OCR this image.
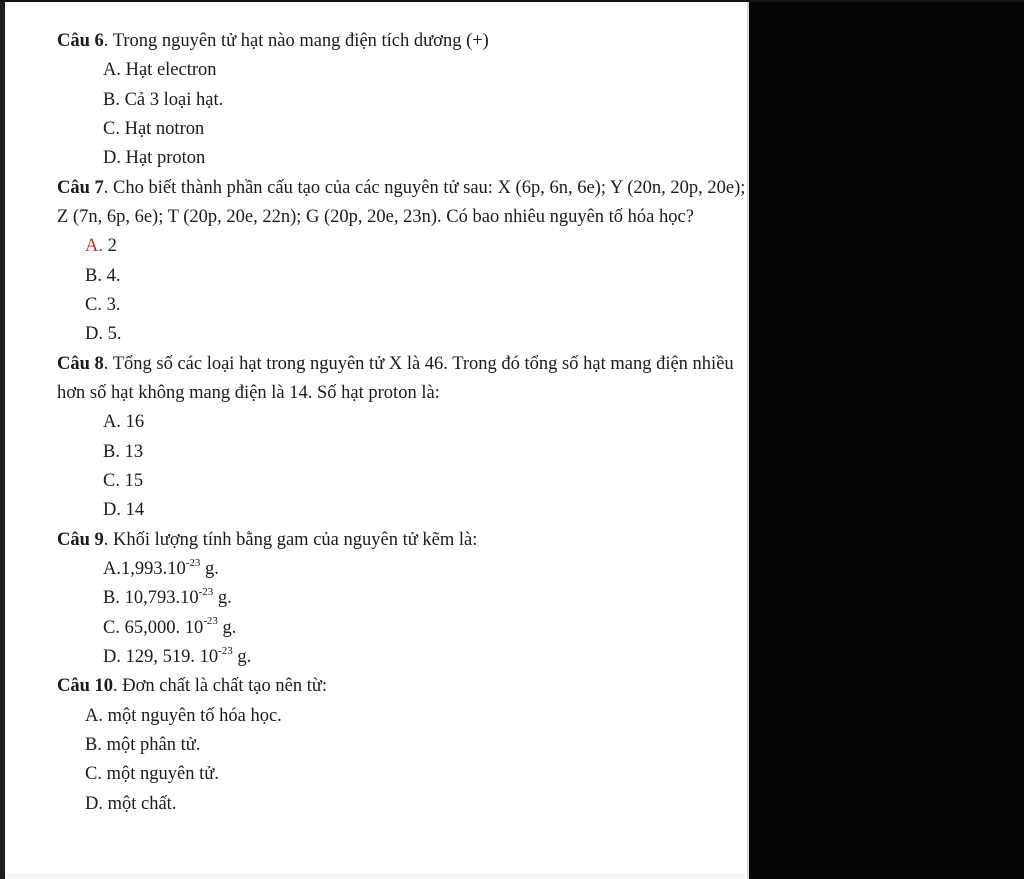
Câu 6. Trong nguyên tử hạt nào mang điện tích dương (+)

A. Hạt electron

B. Cả 3 loại hạt.

C. Hạt notron

D. Hạt proton

Câu 7. Cho biết thành phần cấu tạo của các nguyên tử sau: X (6p, 6n, 6e); Y (20n, 20p, 20e);

Z (7n, 6p, 6e); T (20p, 20e, 22n); G (20p, 20e, 23n). Có bao nhiêu nguyên tố hóa học?

A. 2

B. 4.

C. 3.

D. 5.

Câu 8. Tổng số các loại hạt trong nguyên tử X là 46. Trong đó tổng số hạt mang điện nhiều

hơn số hạt không mang điện là 14. Số hạt proton là:

A. 16

B. 13

C. 15

D. 14

Câu 9. Khối lượng tính bằng gam của nguyên tử kẽm là:

$A.1,993.10^{-23}$ g.

B. $10,793.10^{-23}$ g.

C. 65,000. $10^{-23}$ g.

D. 129, 519. $10^{-23}$ g.

Câu 10. Đơn chất là chất tạo nên từ:

A. một nguyên tố hóa học.

B. một phân tử.

C. một nguyên tử.

D. một chất.
